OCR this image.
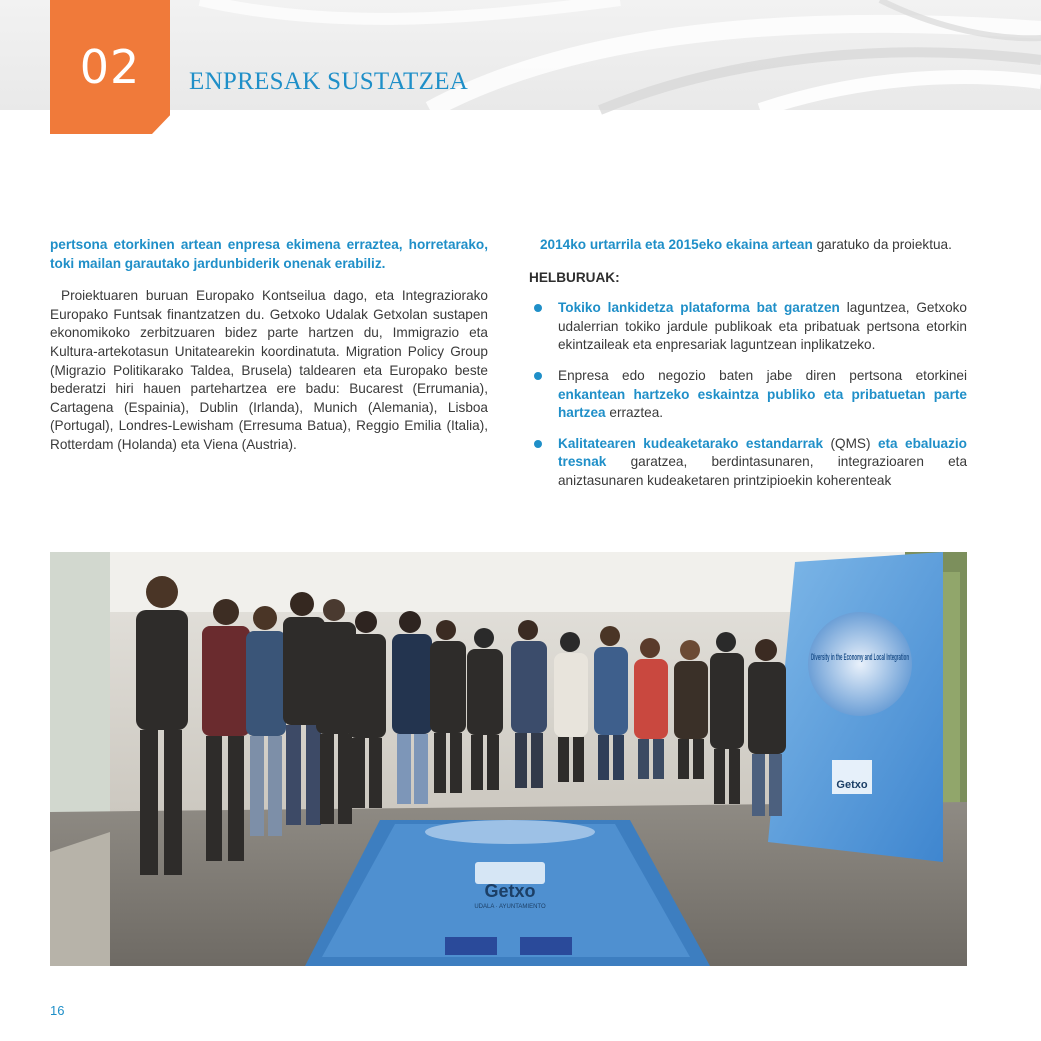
02	ENPRESAK SUSTATZEA

pertsona etorkinen artean enpresa ekimena erraztea, horretarako, toki mailan garautako jardunbiderik onenak erabiliz.

Proiektuaren buruan Europako Kontseilua dago, eta Integraziorako Europako Funtsak finantzatzen du. Getxoko Udalak Getxolan sustapen ekonomikoko zerbitzuaren bidez parte hartzen du, Immigrazio eta Kultura-artekotasun Unitatearekin koordinatuta. Migration Policy Group (Migrazio Politikarako Taldea, Brusela) taldearen eta Europako beste bederatzi hiri hauen partehartzea ere badu: Bucarest (Errumania), Cartagena (Espainia), Dublin (Irlanda), Munich (Alemania), Lisboa (Portugal), Londres-Lewisham (Erresuma Batua), Reggio Emilia (Italia), Rotterdam (Holanda) eta Viena (Austria).

2014ko urtarrila eta 2015eko ekaina artean garatuko da proiektua.

HELBURUAK:
Tokiko lankidetza plataforma bat garatzen laguntzea, Getxoko udalerrian tokiko jardule publikoak eta pribatuak pertsona etorkin ekintzaileak eta enpresariak laguntzean inplikatzeko.
Enpresa edo negozio baten jabe diren pertsona etorkinei enkantean hartzeko eskaintza publiko eta pribatuetan parte hartzea erraztea.
Kalitatearen kudeaketarako estandarrak (QMS) eta ebaluazio tresnak garatzea, berdintasunaren, integrazioaren eta aniztasunaren kudeaketaren printzipioekin koherenteak
Getxo
UDALA · AYUNTAMIENTO
Diversity in the Economy and Local Integration
Getxo
16
